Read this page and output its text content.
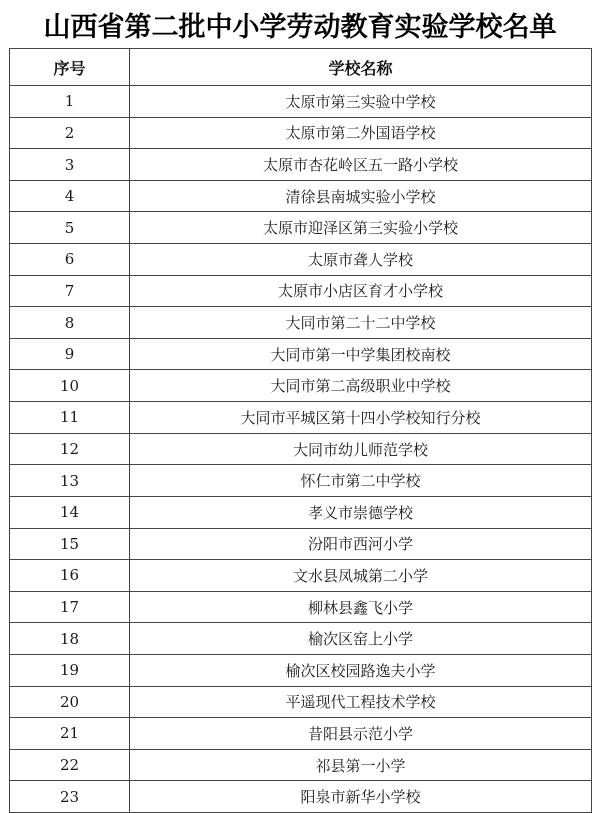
山西省第二批中小学劳动教育实验学校名单
序号	学校名称
1	太原市第三实验中学校
2	太原市第二外国语学校
3	太原市杏花岭区五一路小学校
4	清徐县南城实验小学校
5	太原市迎泽区第三实验小学校
6	太原市聋人学校
7	太原市小店区育才小学校
8	大同市第二十二中学校
9	大同市第一中学集团校南校
10	大同市第二高级职业中学校
11	大同市平城区第十四小学校知行分校
12	大同市幼儿师范学校
13	怀仁市第二中学校
14	孝义市崇德学校
15	汾阳市西河小学
16	文水县凤城第二小学
17	柳林县鑫飞小学
18	榆次区窑上小学
19	榆次区校园路逸夫小学
20	平遥现代工程技术学校
21	昔阳县示范小学
22	祁县第一小学
23	阳泉市新华小学校
